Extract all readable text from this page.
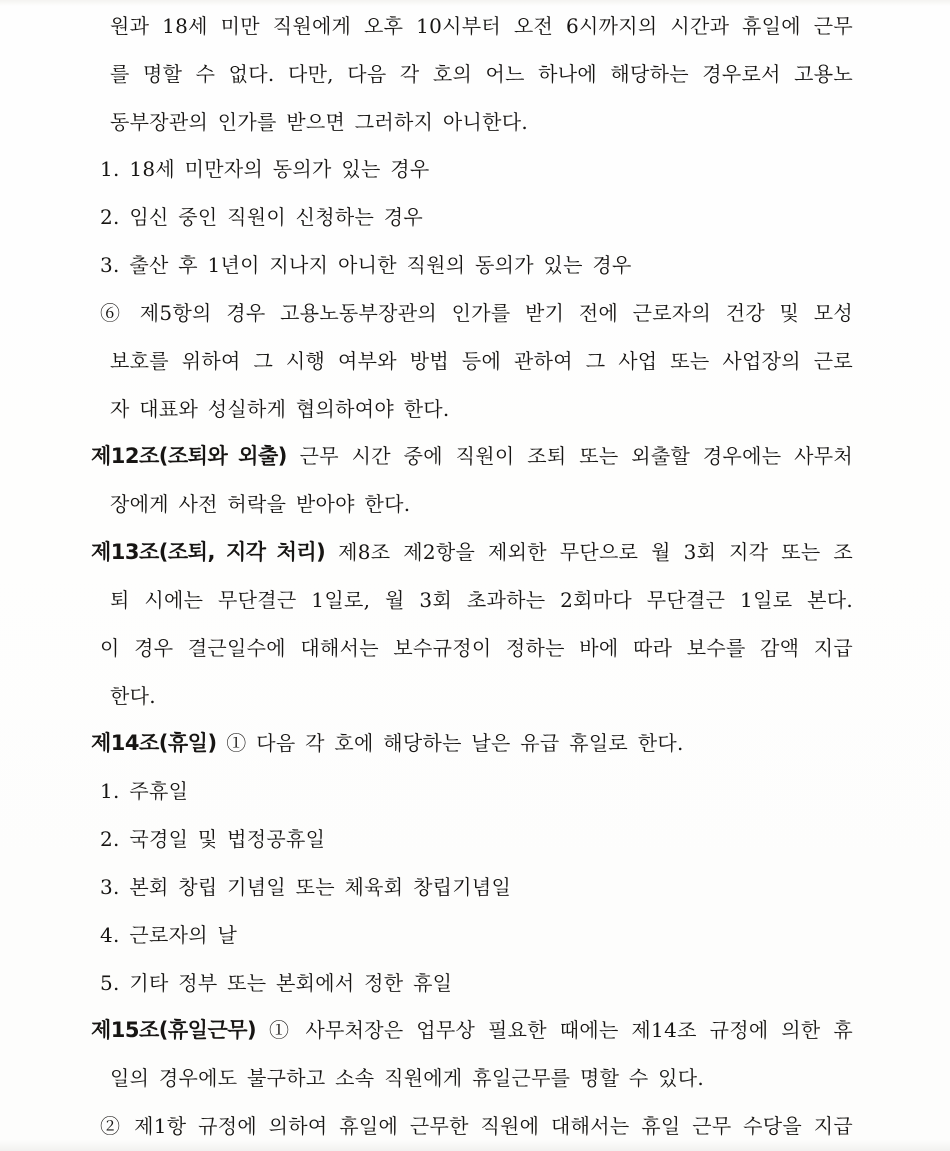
원과 18세 미만 직원에게 오후 10시부터 오전 6시까지의 시간과 휴일에 근무
를 명할 수 없다. 다만, 다음 각 호의 어느 하나에 해당하는 경우로서 고용노
동부장관의 인가를 받으면 그러하지 아니한다.
1. 18세 미만자의 동의가 있는 경우
2. 임신 중인 직원이 신청하는 경우
3. 출산 후 1년이 지나지 아니한 직원의 동의가 있는 경우
⑥ 제5항의 경우 고용노동부장관의 인가를 받기 전에 근로자의 건강 및 모성
보호를 위하여 그 시행 여부와 방법 등에 관하여 그 사업 또는 사업장의 근로
자 대표와 성실하게 협의하여야 한다.
제12조(조퇴와 외출) 근무 시간 중에 직원이 조퇴 또는 외출할 경우에는 사무처
장에게 사전 허락을 받아야 한다.
제13조(조퇴, 지각 처리) 제8조 제2항을 제외한 무단으로 월 3회 지각 또는 조
퇴 시에는 무단결근 1일로, 월 3회 초과하는 2회마다 무단결근 1일로 본다.
이 경우 결근일수에 대해서는 보수규정이 정하는 바에 따라 보수를 감액 지급
한다.
제14조(휴일) ① 다음 각 호에 해당하는 날은 유급 휴일로 한다.
1. 주휴일
2. 국경일 및 법정공휴일
3. 본회 창립 기념일 또는 체육회 창립기념일
4. 근로자의 날
5. 기타 정부 또는 본회에서 정한 휴일
제15조(휴일근무) ① 사무처장은 업무상 필요한 때에는 제14조 규정에 의한 휴
일의 경우에도 불구하고 소속 직원에게 휴일근무를 명할 수 있다.
② 제1항 규정에 의하여 휴일에 근무한 직원에 대해서는 휴일 근무 수당을 지급
